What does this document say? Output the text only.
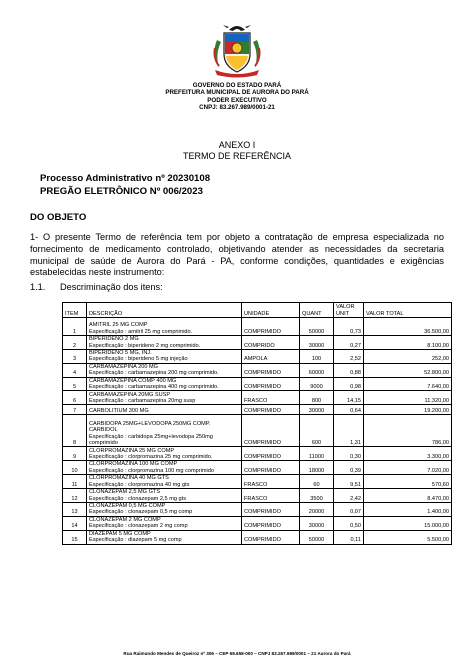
GOVERNO DO ESTADO PARÁ
PREFEITURA MUNICIPAL DE AURORA DO PARÁ
PODER EXECUTIVO
CNPJ: 83.267.989/0001-21
ANEXO I
TERMO DE REFERÊNCIA
Processo Administrativo nº 20230108
PREGÃO ELETRÔNICO Nº 006/2023
DO OBJETO
1- O presente Termo de referência tem por objeto a contratação de empresa especializada no fornecimento de medicamento controlado, objetivando atender as necessidades da secretaria municipal de saúde de Aurora do Pará - PA, conforme condições, quantidades e exigências estabelecidas neste instrumento:
1.1. Descriminação dos itens:
ITEM	DESCRIÇÃO	UNIDADE	QUANT	VALOR UNIT	VALOR TOTAL
1	AMITRIL 25 MG COMP
Especificação : amitril 25 mg comprimido.	COMPRIMIDO	50000	0,73	36.500,00
2	BIPERIDENO 2 MG
Especificação : biperideno 2 mg comprimido.	COMPRIDO	30000	0,27	8.100,00
3	BIPERIDENO 5 MG, INJ.
Especificação : biperideno 5 mg injeção	AMPOLA	100	2,52	252,00
4	CARBAMAZEPINA 200 MG
Especificação : carbamazepina 200 mg comprimido.	COMPRIMIDO	60000	0,88	52.800,00
5	CARBAMAZEPINA COMP 400 MG
Especificação : carbamazepina 400 mg comprimido.	COMPRIMIDO	9000	0,98	7.640,00
6	CARBAMAZEPINA 20MG SUSP
Especificação : carbamazepina 20mg susp	FRASCO	800	14,15	11.320,00
7	CARBOLITIUM 300 MG	COMPRIMIDO	30000	0,64	19.200,00
8	CARBIDOPA 25MG+LEVODOPA 250MG COMP. CARBIDOL
Especificação : carbidopa 25mg+levodopa 250mg comprimido	COMPRIMIDO	600	1,31	786,00
9	CLORPROMAZINA 25 MG COMP
Especificação : clorpromazina 25 mg comprimido.	COMPRIMIDO	11000	0,30	3.300,00
10	CLORPROMAZINA 100 MG COMP
Especificação : clorpromazina 100 mg comprimido	COMPRIMIDO	18000	0,39	7.020,00
11	CLORPROMAZINA 40 MG GTS
Especificação : clorpromazina 40 mg gts	FRASCO	60	9,51	570,60
12	CLONAZEPAM 2,5 MG GTS
Especificação : clonazepam 2,5 mg gts	FRASCO	3500	2,42	8.470,00
13	CLONAZEPAM 0,5 MG COMP
Especificação : clonazepam 0,5 mg comp	COMPRIMIDO	20000	0,07	1.400,00
14	CLONAZEPAM 2 MG COMP
Especificação : clonazepam 2 mg comp	COMPRIMIDO	30000	0,50	15.000,00
15	DIAZEPAM 5 MG COMP
Especificação : diazepam 5 mg comp	COMPRIMIDO	50000	0,11	5.500,00
Rua Raimundo Mendes de Queiroz nº 306 – CEP 68.658-000 – CNPJ 83.267.989/0001 – 21 Aurora do Pará
